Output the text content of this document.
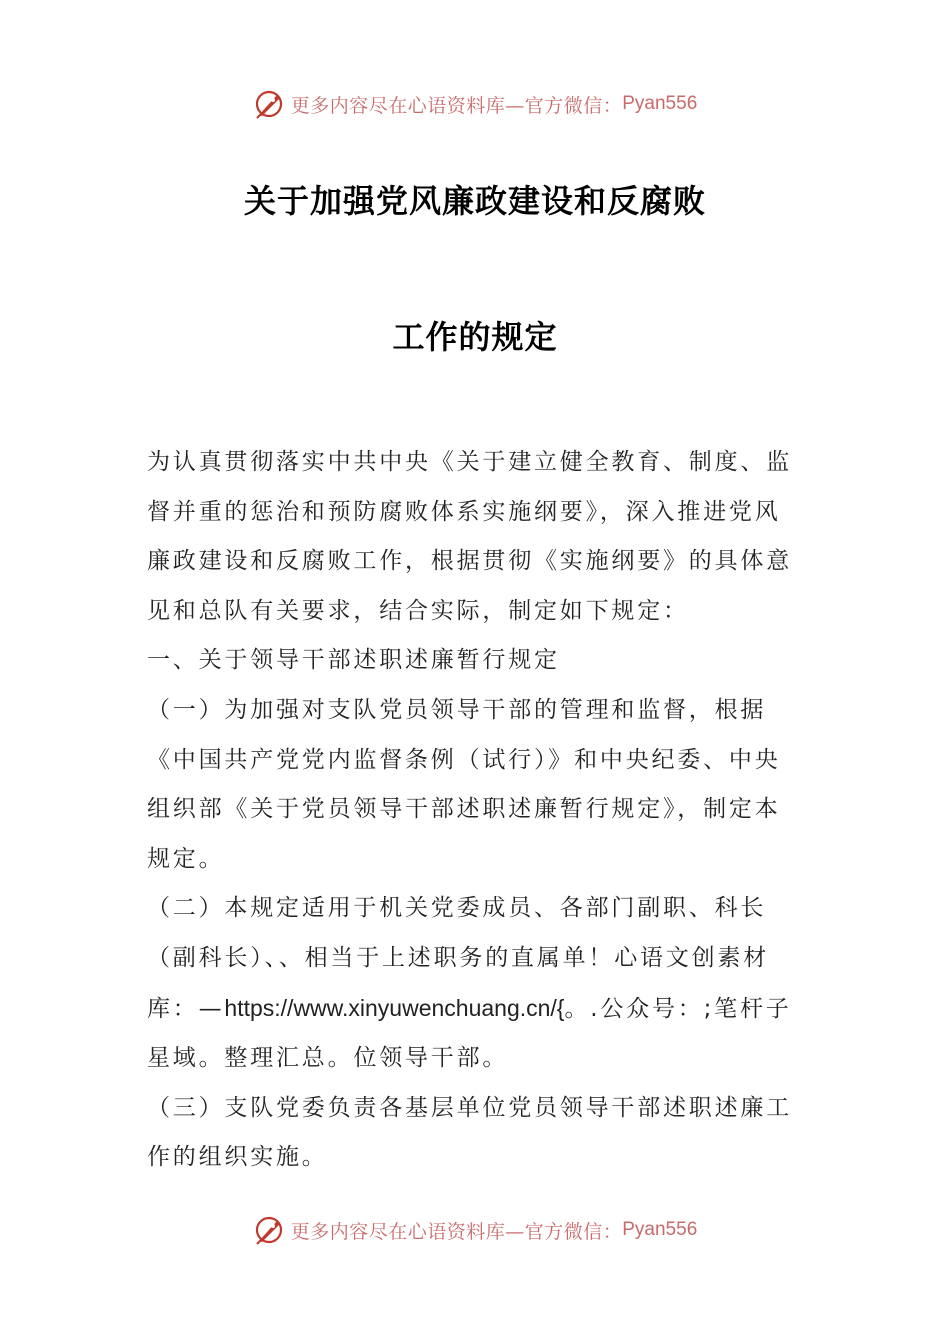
更多内容尽在心语资料库—官方微信： Pyan556
关于加强党风廉政建设和反腐败
工作的规定
为认真贯彻落实中共中央《关于建立健全教育、制度、监
督并重的惩治和预防腐败体系实施纲要》，深入推进党风
廉政建设和反腐败工作，根据贯彻《实施纲要》的具体意
见和总队有关要求，结合实际，制定如下规定：
一、关于领导干部述职述廉暂行规定
（一）为加强对支队党员领导干部的管理和监督，根据
《中国共产党党内监督条例（试行）》和中央纪委、中央
组织部《关于党员领导干部述职述廉暂行规定》，制定本
规定。
（二）本规定适用于机关党委成员、各部门副职、科长
（副科长）、、相当于上述职务的直属单！心语文创素材
库：—https://www.xinyuwenchuang.cn/{。.公众号：;笔杆子
星域。整理汇总。位领导干部。
（三）支队党委负责各基层单位党员领导干部述职述廉工
作的组织实施。
更多内容尽在心语资料库—官方微信： Pyan556
